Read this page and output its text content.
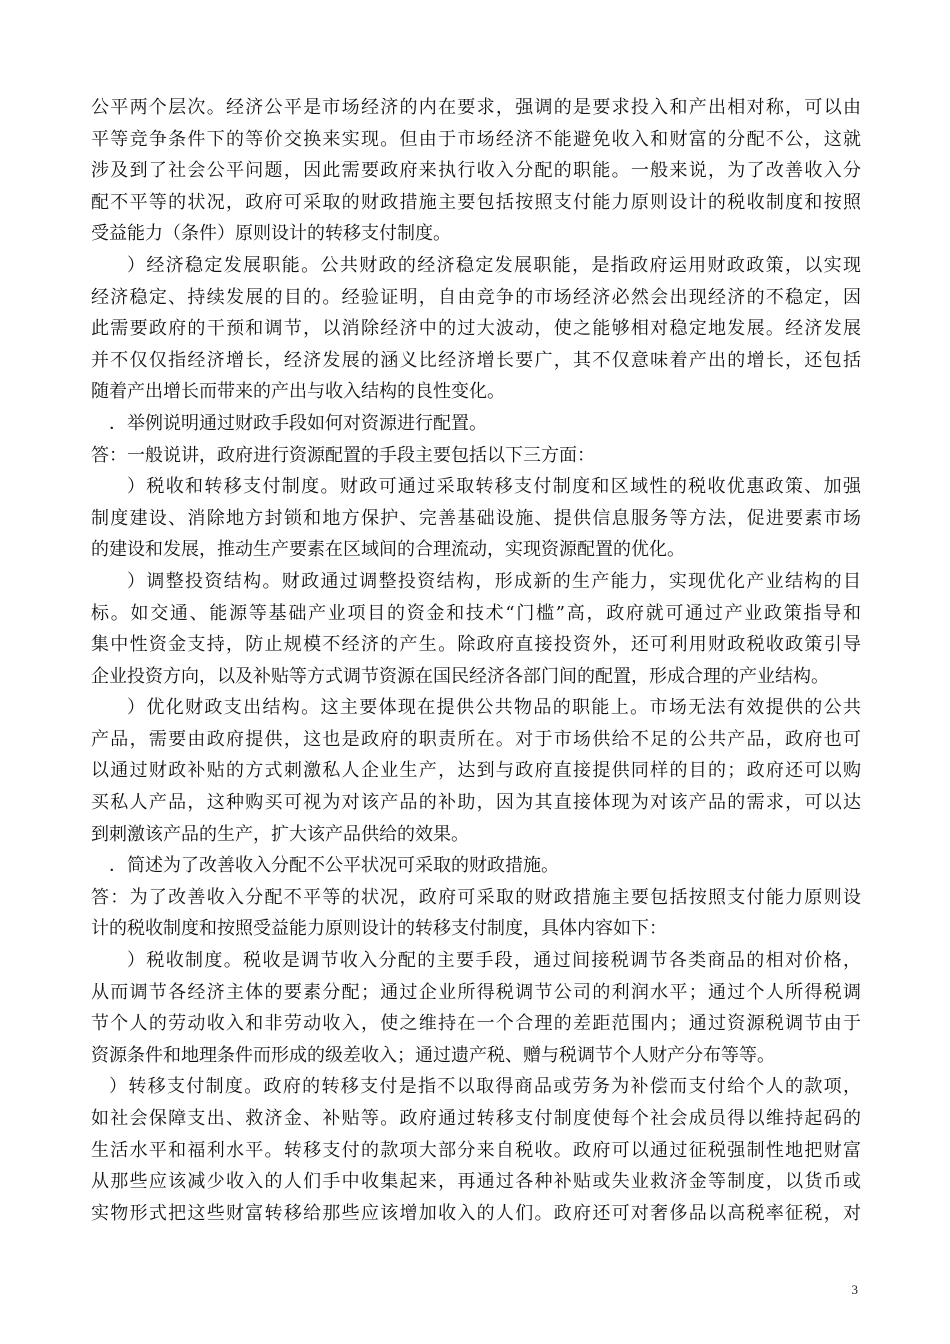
公平两个层次。经济公平是市场经济的内在要求，强调的是要求投入和产出相对称，可以由
平等竞争条件下的等价交换来实现。但由于市场经济不能避免收入和财富的分配不公，这就
涉及到了社会公平问题，因此需要政府来执行收入分配的职能。一般来说，为了改善收入分
配不平等的状况，政府可采取的财政措施主要包括按照支付能力原则设计的税收制度和按照
受益能力（条件）原则设计的转移支付制度。
）经济稳定发展职能。公共财政的经济稳定发展职能，是指政府运用财政政策，以实现
经济稳定、持续发展的目的。经验证明，自由竞争的市场经济必然会出现经济的不稳定，因
此需要政府的干预和调节，以消除经济中的过大波动，使之能够相对稳定地发展。经济发展
并不仅仅指经济增长，经济发展的涵义比经济增长要广，其不仅意味着产出的增长，还包括
随着产出增长而带来的产出与收入结构的良性变化。
．举例说明通过财政手段如何对资源进行配置。
答：一般说讲，政府进行资源配置的手段主要包括以下三方面：
）税收和转移支付制度。财政可通过采取转移支付制度和区域性的税收优惠政策、加强
制度建设、消除地方封锁和地方保护、完善基础设施、提供信息服务等方法，促进要素市场
的建设和发展，推动生产要素在区域间的合理流动，实现资源配置的优化。
）调整投资结构。财政通过调整投资结构，形成新的生产能力，实现优化产业结构的目
标。如交通、能源等基础产业项目的资金和技术“门槛”高，政府就可通过产业政策指导和
集中性资金支持，防止规模不经济的产生。除政府直接投资外，还可利用财政税收政策引导
企业投资方向，以及补贴等方式调节资源在国民经济各部门间的配置，形成合理的产业结构。
）优化财政支出结构。这主要体现在提供公共物品的职能上。市场无法有效提供的公共
产品，需要由政府提供，这也是政府的职责所在。对于市场供给不足的公共产品，政府也可
以通过财政补贴的方式刺激私人企业生产，达到与政府直接提供同样的目的；政府还可以购
买私人产品，这种购买可视为对该产品的补助，因为其直接体现为对该产品的需求，可以达
到刺激该产品的生产，扩大该产品供给的效果。
．简述为了改善收入分配不公平状况可采取的财政措施。
答：为了改善收入分配不平等的状况，政府可采取的财政措施主要包括按照支付能力原则设
计的税收制度和按照受益能力原则设计的转移支付制度，具体内容如下：
）税收制度。税收是调节收入分配的主要手段，通过间接税调节各类商品的相对价格，
从而调节各经济主体的要素分配；通过企业所得税调节公司的利润水平；通过个人所得税调
节个人的劳动收入和非劳动收入，使之维持在一个合理的差距范围内；通过资源税调节由于
资源条件和地理条件而形成的级差收入；通过遗产税、赠与税调节个人财产分布等等。
）转移支付制度。政府的转移支付是指不以取得商品或劳务为补偿而支付给个人的款项，
如社会保障支出、救济金、补贴等。政府通过转移支付制度使每个社会成员得以维持起码的
生活水平和福利水平。转移支付的款项大部分来自税收。政府可以通过征税强制性地把财富
从那些应该减少收入的人们手中收集起来，再通过各种补贴或失业救济金等制度，以货币或
实物形式把这些财富转移给那些应该增加收入的人们。政府还可对奢侈品以高税率征税，对
3
